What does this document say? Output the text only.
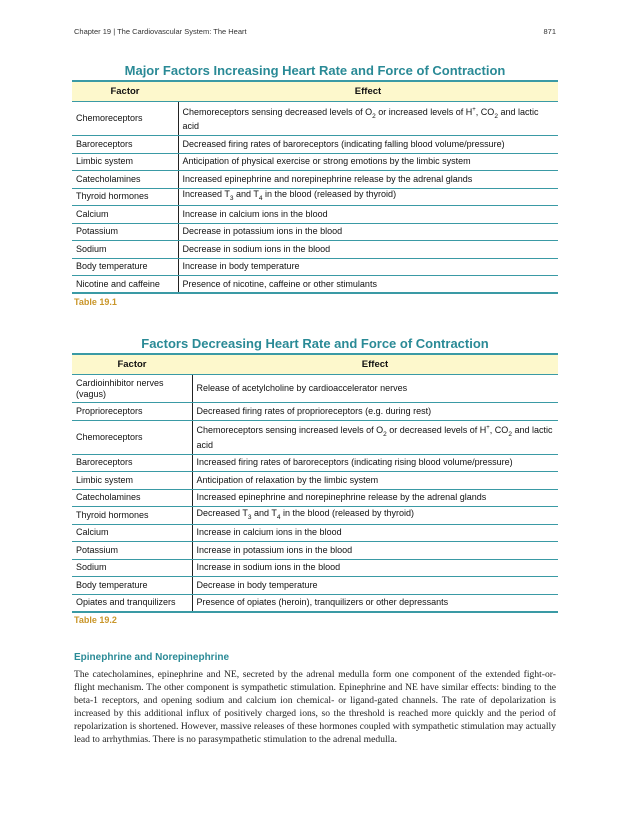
Chapter 19 | The Cardiovascular System: The Heart	871
Major Factors Increasing Heart Rate and Force of Contraction
Factor	Effect
Chemoreceptors	Chemoreceptors sensing decreased levels of $O_2$ or increased levels of H+, $CO_2$ and lactic acid
Baroreceptors	Decreased firing rates of baroreceptors (indicating falling blood volume/pressure)
Limbic system	Anticipation of physical exercise or strong emotions by the limbic system
Catecholamines	Increased epinephrine and norepinephrine release by the adrenal glands
Thyroid hormones	Increased $T_3$ and $T_4$ in the blood (released by thyroid)
Calcium	Increase in calcium ions in the blood
Potassium	Decrease in potassium ions in the blood
Sodium	Decrease in sodium ions in the blood
Body temperature	Increase in body temperature
Nicotine and caffeine	Presence of nicotine, caffeine or other stimulants
Table 19.1
Factors Decreasing Heart Rate and Force of Contraction
Factor	Effect
Cardioinhibitor nerves (vagus)	Release of acetylcholine by cardioaccelerator nerves
Proprioreceptors	Decreased firing rates of proprioreceptors (e.g. during rest)
Chemoreceptors	Chemoreceptors sensing increased levels of $O_2$ or decreased levels of H+, $CO_2$ and lactic acid
Baroreceptors	Increased firing rates of baroreceptors (indicating rising blood volume/pressure)
Limbic system	Anticipation of relaxation by the limbic system
Catecholamines	Increased epinephrine and norepinephrine release by the adrenal glands
Thyroid hormones	Decreased $T_3$ and $T_4$ in the blood (released by thyroid)
Calcium	Increase in calcium ions in the blood
Potassium	Increase in potassium ions in the blood
Sodium	Increase in sodium ions in the blood
Body temperature	Decrease in body temperature
Opiates and tranquilizers	Presence of opiates (heroin), tranquilizers or other depressants
Table 19.2
Epinephrine and Norepinephrine

The catecholamines, epinephrine and NE, secreted by the adrenal medulla form one component of the extended fight-or-flight mechanism. The other component is sympathetic stimulation. Epinephrine and NE have similar effects: binding to the beta-1 receptors, and opening sodium and calcium ion chemical- or ligand-gated channels. The rate of depolarization is increased by this additional influx of positively charged ions, so the threshold is reached more quickly and the period of repolarization is shortened. However, massive releases of these hormones coupled with sympathetic stimulation may actually lead to arrhythmias. There is no parasympathetic stimulation to the adrenal medulla.
